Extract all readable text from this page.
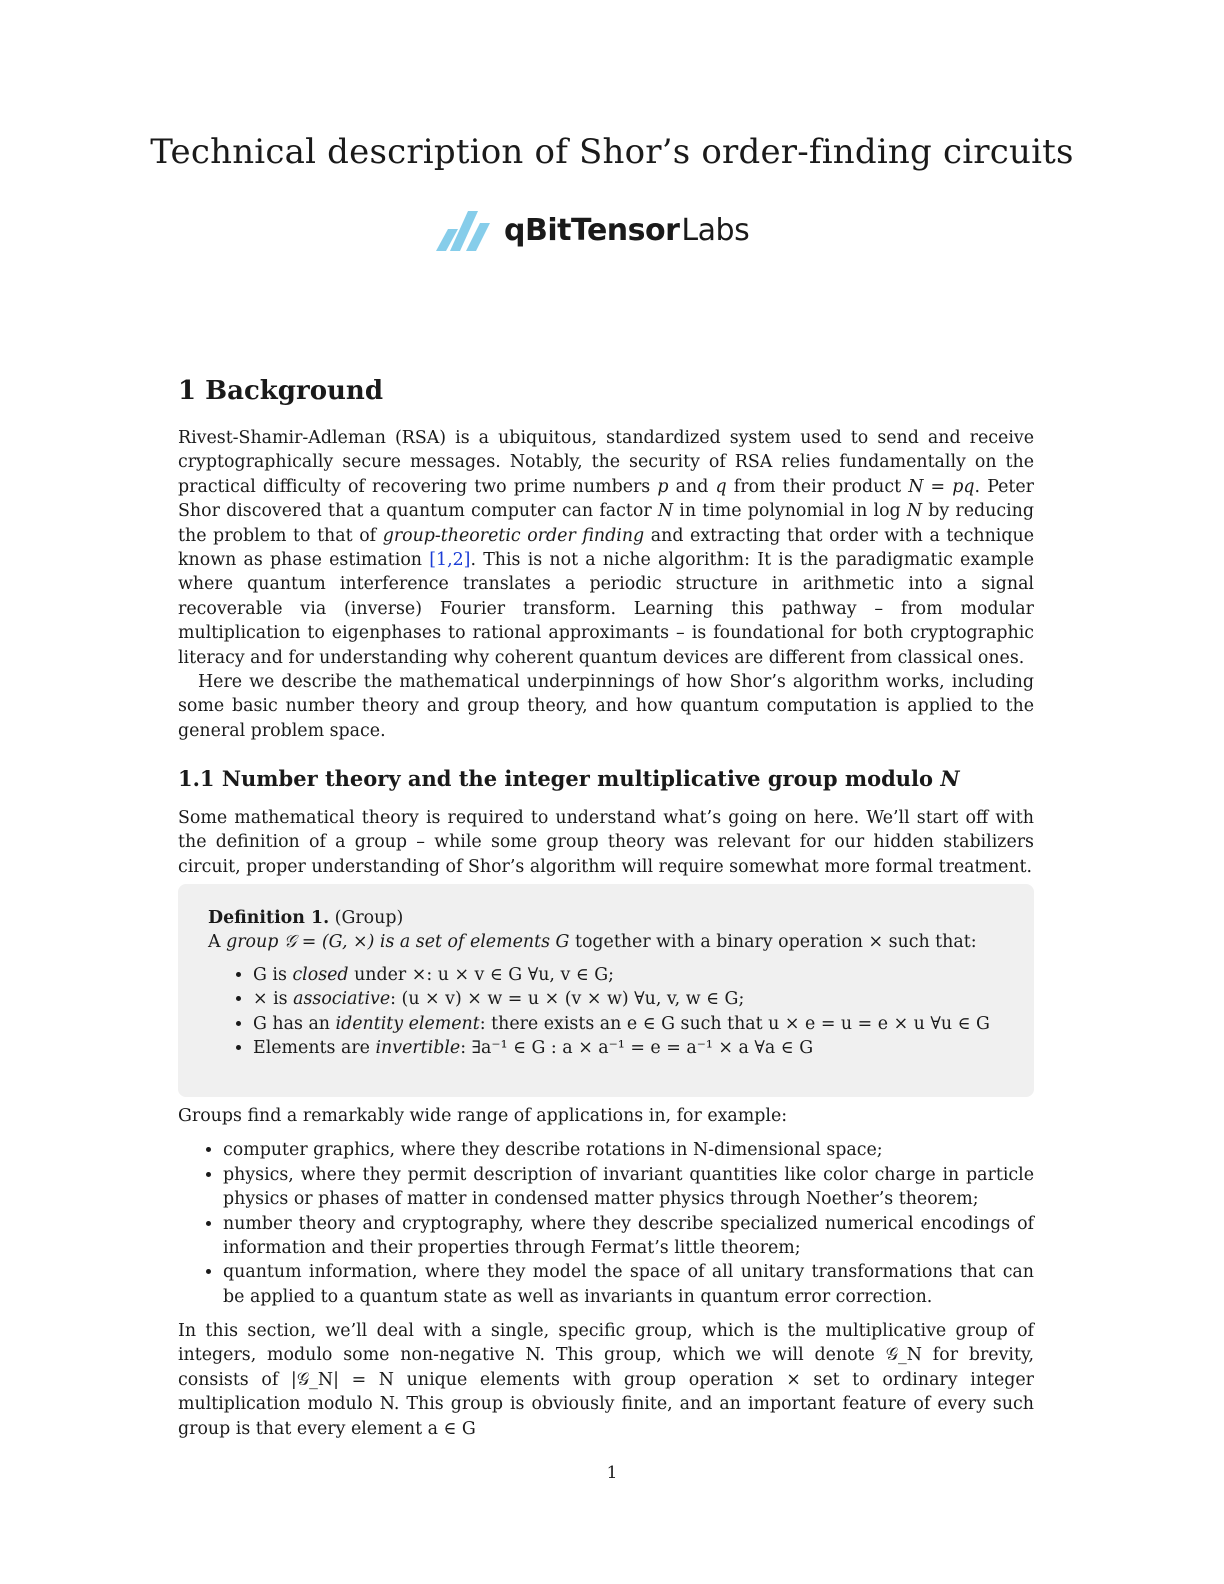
Technical description of Shor’s order-finding circuits
qBitTensorLabs
1 Background

Rivest-Shamir-Adleman (RSA) is a ubiquitous, standardized system used to send and receive cryptographically secure messages. Notably, the security of RSA relies fundamentally on the practical difficulty of recovering two prime numbers p and q from their product N = pq. Peter Shor discovered that a quantum computer can factor N in time polynomial in log N by reducing the problem to that of group-theoretic order finding and extracting that order with a technique known as phase estimation [1,2]. This is not a niche algorithm: It is the paradigmatic example where quantum interference translates a periodic structure in arithmetic into a signal recoverable via (inverse) Fourier transform. Learning this pathway – from modular multiplication to eigenphases to rational approximants – is foundational for both cryptographic literacy and for understanding why coherent quantum devices are different from classical ones.

Here we describe the mathematical underpinnings of how Shor’s algorithm works, including some basic number theory and group theory, and how quantum computation is applied to the general problem space.

1.1 Number theory and the integer multiplicative group modulo N

Some mathematical theory is required to understand what’s going on here. We’ll start off with the definition of a group – while some group theory was relevant for our hidden stabilizers circuit, proper understanding of Shor’s algorithm will require somewhat more formal treatment.

Definition 1. (Group)
A group 𝒢 = (G, ×) is a set of elements G together with a binary operation × such that:
• G is closed under ×: u × v ∈ G ∀u, v ∈ G;
• × is associative: (u × v) × w = u × (v × w) ∀u, v, w ∈ G;
• G has an identity element: there exists an e ∈ G such that u × e = u = e × u ∀u ∈ G
• Elements are invertible: ∃a⁻¹ ∈ G : a × a⁻¹ = e = a⁻¹ × a ∀a ∈ G

Groups find a remarkably wide range of applications in, for example:

• computer graphics, where they describe rotations in N-dimensional space;
• physics, where they permit description of invariant quantities like color charge in particle physics or phases of matter in condensed matter physics through Noether’s theorem;
• number theory and cryptography, where they describe specialized numerical encodings of information and their properties through Fermat’s little theorem;
• quantum information, where they model the space of all unitary transformations that can be applied to a quantum state as well as invariants in quantum error correction.

In this section, we’ll deal with a single, specific group, which is the multiplicative group of integers, modulo some non-negative N. This group, which we will denote 𝒢_N for brevity, consists of |𝒢_N| = N unique elements with group operation × set to ordinary integer multiplication modulo N. This group is obviously finite, and an important feature of every such group is that every element a ∈ G

1
